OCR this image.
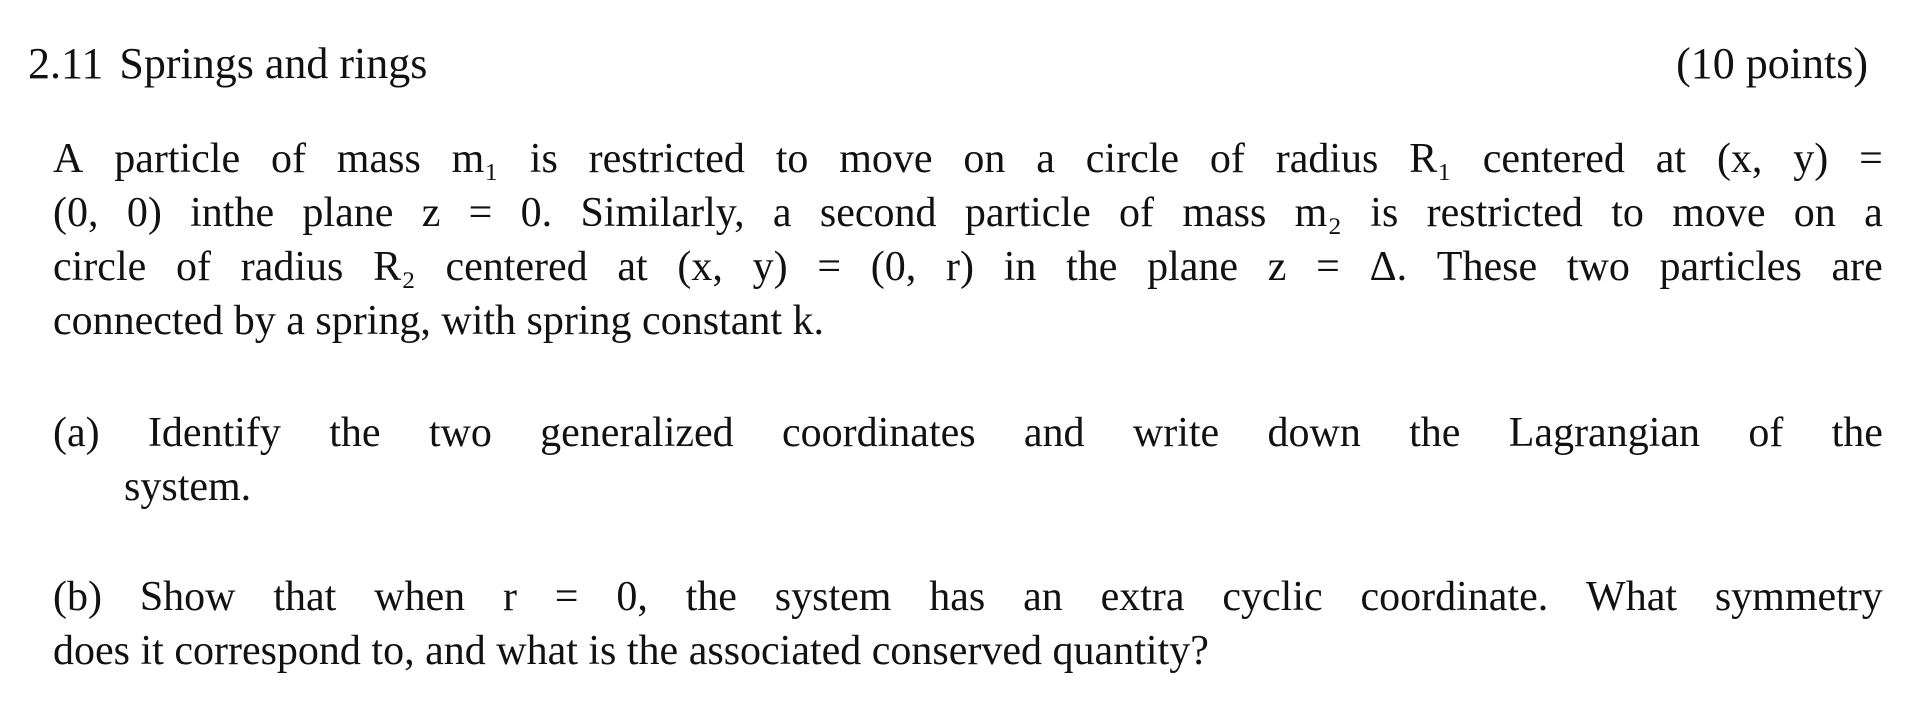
2.11 Springs and rings	(10 points)
A particle of mass m₁ is restricted to move on a circle of radius R₁ centered at (x, y) =
(0, 0) inthe plane z = 0. Similarly, a second particle of mass m₂ is restricted to move on a
circle of radius R₂ centered at (x, y) = (0, r) in the plane z = Δ. These two particles are
connected by a spring, with spring constant k.
(a) Identify the two generalized coordinates and write down the Lagrangian of the
system.
(b) Show that when r = 0, the system has an extra cyclic coordinate. What symmetry
does it correspond to, and what is the associated conserved quantity?
